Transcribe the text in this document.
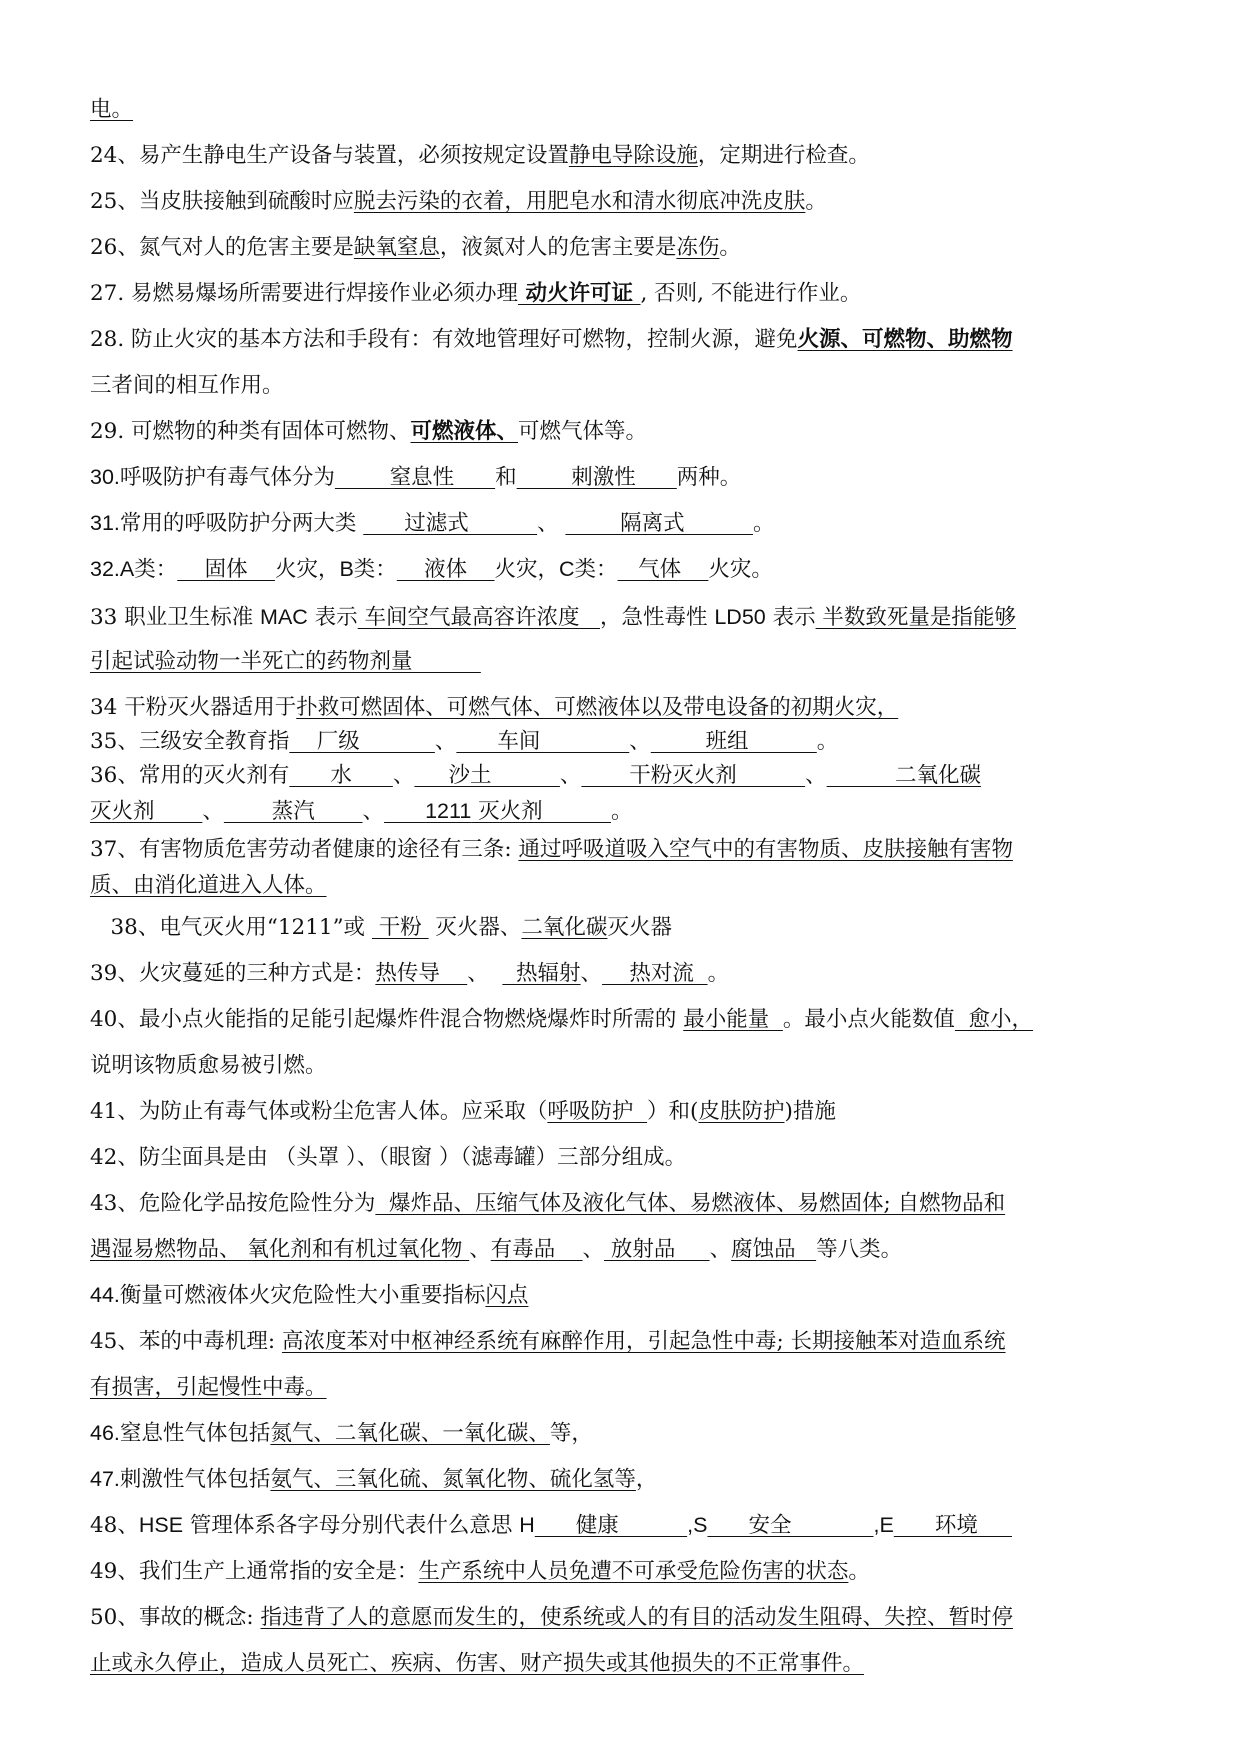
电。
24、易产生静电生产设备与装置，必须按规定设置静电导除设施，定期进行检查。
25、当皮肤接触到硫酸时应脱去污染的衣着，用肥皂水和清水彻底冲洗皮肤。
26、氮气对人的危害主要是缺氧窒息，液氮对人的危害主要是冻伤。
27. 易燃易爆场所需要进行焊接作业必须办理 动火许可证 , 否则, 不能进行作业。
28. 防止火灾的基本方法和手段有：有效地管理好可燃物，控制火源，避免火源、可燃物、助燃物
三者间的相互作用。
29. 可燃物的种类有固体可燃物、可燃液体、可燃气体等。
30.呼吸防护有毒气体分为        窒息性      和        刺激性      两种。
31.常用的呼吸防护分两大类       过滤式          、         隔离式          。
32.A类：    固体    火灾，B类：    液体    火灾，C类：   气体    火灾。
33 职业卫生标准 MAC 表示 车间空气最高容许浓度   ，急性毒性 LD50 表示 半数致死量是指能够
引起试验动物一半死亡的药物剂量
34 干粉灭火器适用于扑救可燃固体、可燃气体、可燃液体以及带电设备的初期火灾，
35、三级安全教育指    厂级           、      车间             、        班组          。
36、常用的灭火剂有      水      、     沙土          、       干粉灭火剂          、          二氧化碳
灭火剂       、       蒸汽       、 1211 灭火剂          。
37、有害物质危害劳动者健康的途径有三条: 通过呼吸道吸入空气中的有害物质、皮肤接触有害物
质、由消化道进入人体。
38、电气灭火用“1211”或  干粉  灭火器、二氧化碳灭火器
39、火灾蔓延的三种方式是：热传导    、    热辐射、    热对流  。
40、最小点火能指的足能引起爆炸件混合物燃烧爆炸时所需的 最小能量  。最小点火能数值  愈小，
说明该物质愈易被引燃。
41、为防止有毒气体或粉尘危害人体。应采取（呼吸防护  ）和(皮肤防护)措施
42、防尘面具是由 （头罩 ）、（眼窗 ）（滤毒罐）三部分组成。
43、危险化学品按危险性分为  爆炸品、压缩气体及液化气体、易燃液体、易燃固体; 自燃物品和
遇湿易燃物品、 氧化剂和有机过氧化物 、有毒品    、 放射品     、腐蚀品   等八类。
44.衡量可燃液体火灾危险性大小重要指标闪点
45、苯的中毒机理: 高浓度苯对中枢神经系统有麻醉作用，引起急性中毒; 长期接触苯对造血系统
有损害，引起慢性中毒。
46.窒息性气体包括氮气、二氧化碳、一氧化碳、等，
47.刺激性气体包括氨气、三氧化硫、氮氧化物、硫化氢等，
48、HSE 管理体系各字母分别代表什么意思 H      健康          ,S      安全            ,E      环境
49、我们生产上通常指的安全是：生产系统中人员免遭不可承受危险伤害的状态。
50、事故的概念: 指违背了人的意愿而发生的，使系统或人的有目的活动发生阻碍、失控、暂时停
止或永久停止，造成人员死亡、疾病、伤害、财产损失或其他损失的不正常事件。
